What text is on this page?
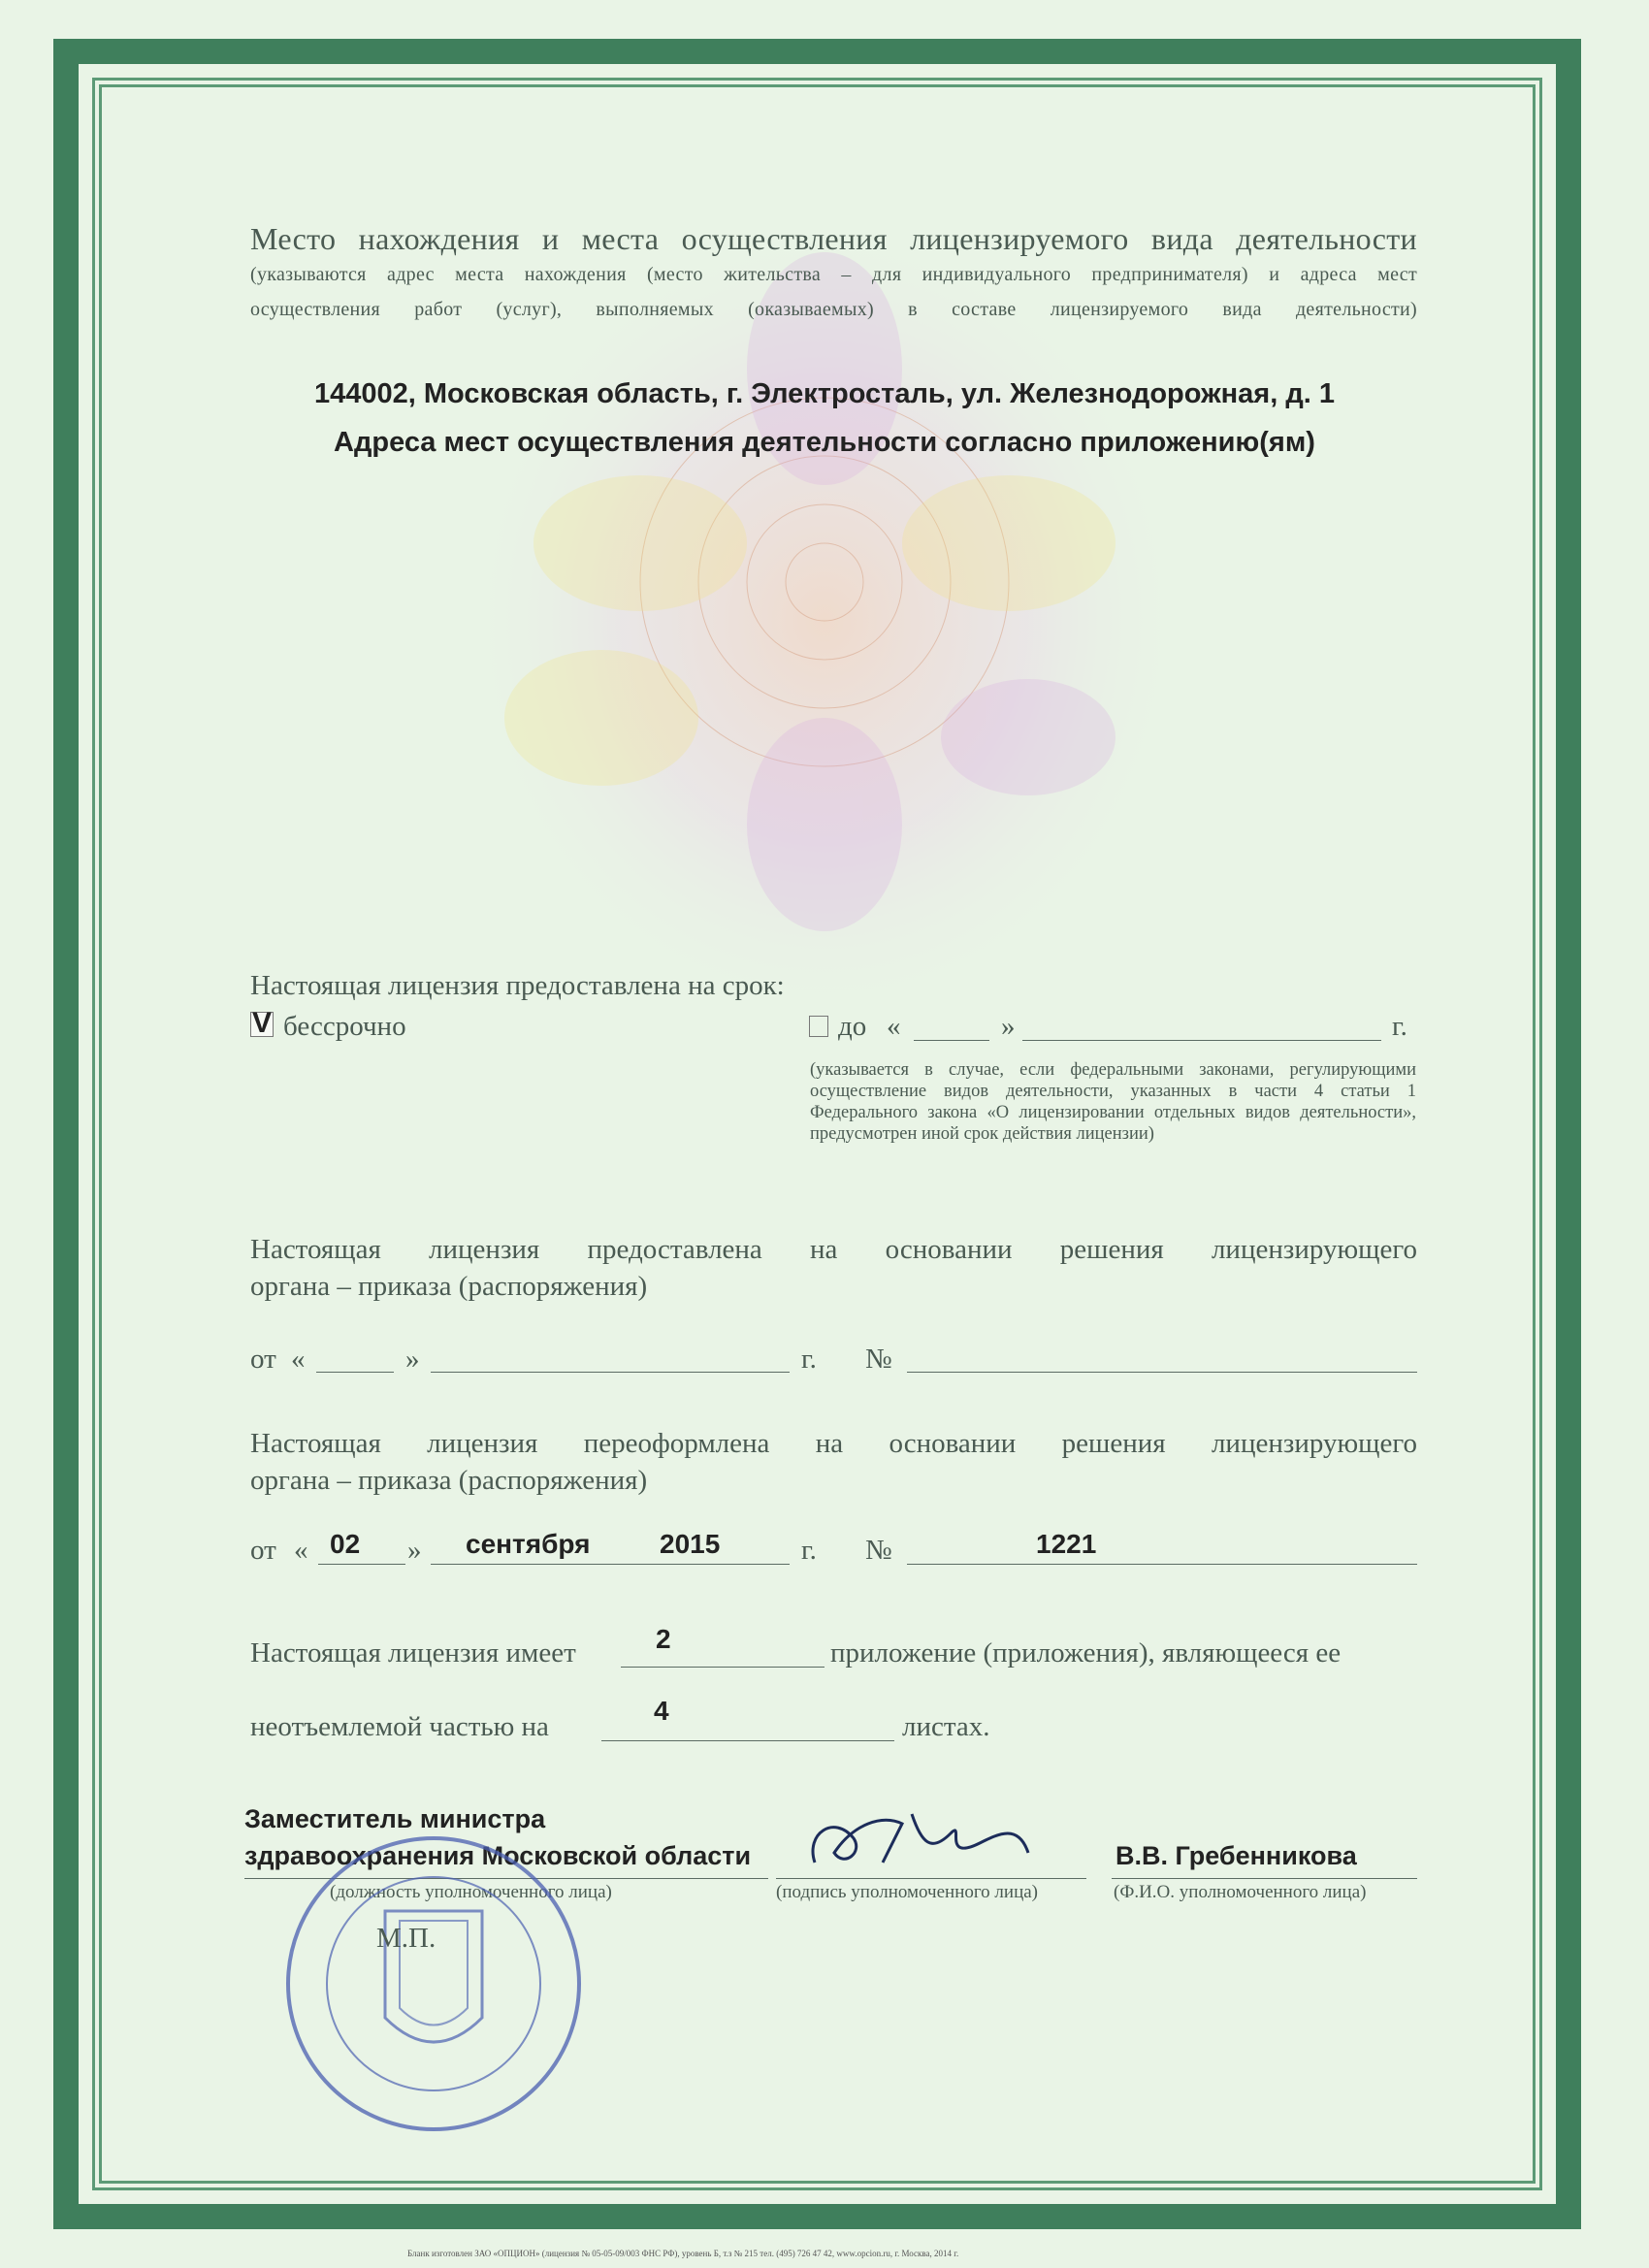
Место нахождения и места осуществления лицензируемого вида деятельности
(указываются адрес места нахождения (место жительства – для индивидуального предпринимателя) и адреса мест
осуществления работ (услуг), выполняемых (оказываемых) в составе лицензируемого вида деятельности)
144002, Московская область, г. Электросталь, ул. Железнодорожная, д. 1
Адреса мест осуществления деятельности согласно приложению(ям)
Настоящая лицензия предоставлена на срок:
V бессрочно	до «	»	г.
(указывается в случае, если федеральными законами, регулирующими осуществление видов деятельности, указанных в части 4 статьи 1 Федерального закона «О лицензировании отдельных видов деятельности», предусмотрен иной срок действия лицензии)
Настоящая лицензия предоставлена на основании решения лицензирующего
органа – приказа (распоряжения)
от «	»	г. №
Настоящая лицензия переоформлена на основании решения лицензирующего
органа – приказа (распоряжения)
от « 02 » сентября	2015	г. №	1221
Настоящая лицензия имеет	2	приложение (приложения), являющееся ее
неотъемлемой частью на
4
листах.
Заместитель министра
здравоохранения Московской области
(должность уполномоченного лица)	(подпись уполномоченного лица)
В.В. Гребенникова
(Ф.И.О. уполномоченного лица)
М.П.
Бланк изготовлен ЗАО «ОПЦИОН» (лицензия № 05-05-09/003 ФНС РФ), уровень Б, т.з № 215 тел. (495) 726 47 42, www.opcion.ru, г. Москва, 2014 г.
